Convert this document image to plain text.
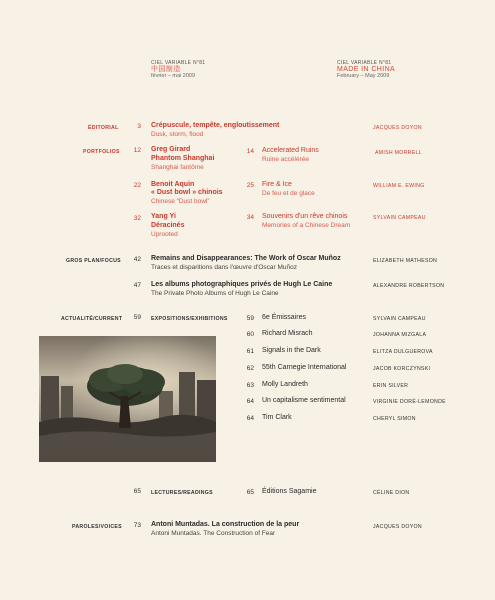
CIEL VARIABLE N°81
中国制造
février – mai 2009
CIEL VARIABLE N°81
MADE IN CHINA
February – May 2009
ÉDITORIAL	3 Crépuscule, tempête, engloutissement
Dusk, storm, flood
JACQUES DOYON
PORTFOLIOS	12 Greg Girard
Phantom Shanghai
Shanghai fantôme
22 Benoit Aquin
« Dust bowl » chinois
Chinese “Dust bowl”
32 Yang Yi
Déracinés
Uprooted
14 Accelerated Ruins
Ruine accélérée
AMISH MORRELL
25 Fire & Ice
De feu et de glace
WILLIAM E. EWING
34 Souvenirs d'un rêve chinois
Memories of a Chinese Dream
SYLVAIN CAMPEAU
GROS PLAN/FOCUS	42 Remains and Disappearances: The Work of Oscar Muñoz
Traces et disparitions dans l'œuvre d'Oscar Muñoz
ELIZABETH MATHESON
47 Les albums photographiques privés de Hugh Le Caine
The Private Photo Albums of Hugh Le Caine
ALEXANDRE ROBERTSON
ACTUALITÉ/CURRENT	59 EXPOSITIONS/EXHIBITIONS	59 6e Émissaires	SYLVAIN CAMPEAU
60 Richard Misrach	JOHANNA MIZGALA
61 Signals in the Dark	ELITZA DULGUEROVA
62 55th Carnegie International	JACOB KORCZYNSKI
63 Molly Landreth	ERIN SILVER
64 Un capitalisme sentimental	VIRGINIE DORÉ-LEMONDE
64 Tim Clark	CHERYL SIMON
65 LECTURES/READINGS	65 Éditions Sagamie	CÉLINE DION
PAROLES/VOICES	73 Antoni Muntadas. La construction de la peur
Antoni Muntadas. The Construction of Fear
JACQUES DOYON
